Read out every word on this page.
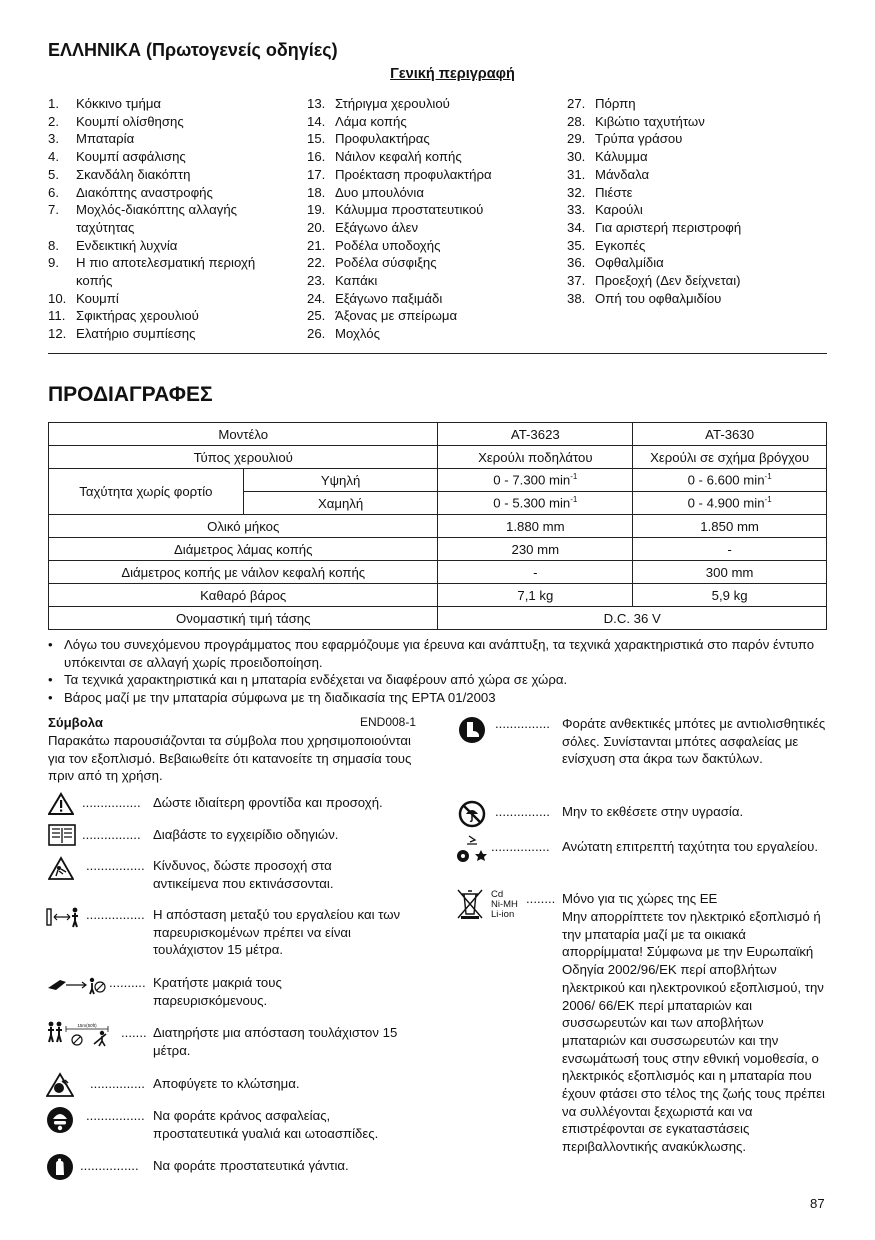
ΕΛΛΗΝΙΚΑ (Πρωτογενείς οδηγίες)
Γενική περιγραφή
1.	Κόκκινο τμήμα
2.	Κουμπί ολίσθησης
3.	Μπαταρία
4.	Κουμπί ασφάλισης
5.	Σκανδάλη διακόπτη
6.	Διακόπτης αναστροφής
7.	Μοχλός-διακόπτης αλλαγής ταχύτητας
8.	Ενδεικτική λυχνία
9.	Η πιο αποτελεσματική περιοχή κοπής
10. Κουμπί
11. Σφικτήρας χερουλιού
12. Ελατήριο συμπίεσης
13. Στήριγμα χερουλιού
14. Λάμα κοπής
15. Προφυλακτήρας
16. Νάιλον κεφαλή κοπής
17. Προέκταση προφυλακτήρα
18. Δυο μπουλόνια
19. Κάλυμμα προστατευτικού
20. Εξάγωνο άλεν
21. Ροδέλα υποδοχής
22. Ροδέλα σύσφιξης
23. Καπάκι
24. Εξάγωνο παξιμάδι
25. Άξονας με σπείρωμα
26. Μοχλός
27. Πόρπη
28. Κιβώτιο ταχυτήτων
29. Τρύπα γράσου
30. Κάλυμμα
31. Μάνδαλα
32. Πιέστε
33. Καρούλι
34. Για αριστερή περιστροφή
35. Εγκοπές
36. Οφθαλμίδια
37. Προεξοχή (Δεν δείχνεται)
38. Οπή του οφθαλμιδίου
ΠΡΟΔΙΑΓΡΑΦΕΣ
Μοντέλο		AT-3623	AT-3630
Τύπος χερουλιού		Χερούλι ποδηλάτου	Χερούλι σε σχήμα βρόγχου
Ταχύτητα χωρίς φορτίο	Υψηλή	0 - 7.300 $\min^{-1}$	0 - 6.600 $\min^{-1}$
	Χαμηλή	0 - 5.300 $\min^{-1}$	0 - 4.900 $\min^{-1}$
Ολικό μήκος		1.880 mm	1.850 mm
Διάμετρος λάμας κοπής		230 mm	-
Διάμετρος κοπής με νάιλον κεφαλή κοπής		-	300 mm
Καθαρό βάρος		7,1 kg	5,9 kg
Ονομαστική τιμή τάσης		D.C. 36 V	
• Λόγω του συνεχόμενου προγράμματος που εφαρμόζουμε για έρευνα και ανάπτυξη, τα τεχνικά χαρακτηριστικά στο παρόν έντυπο υπόκεινται σε αλλαγή χωρίς προειδοποίηση.
• Τα τεχνικά χαρακτηριστικά και η μπαταρία ενδέχεται να διαφέρουν από χώρα σε χώρα.
• Βάρος μαζί με την μπαταρία σύμφωνα με τη διαδικασία της EPTA 01/2003
Σύμβολα	END008-1
Παρακάτω παρουσιάζονται τα σύμβολα που χρησιμοποιούνται για τον εξοπλισμό. Βεβαιωθείτε ότι κατανοείτε τη σημασία τους πριν από τη χρήση.
................ Δώστε ιδιαίτερη φροντίδα και προσοχή.
................ Διαβάστε το εγχειρίδιο οδηγιών.
................ Κίνδυνος, δώστε προσοχή στα αντικείμενα που εκτινάσσονται.
................ Η απόσταση μεταξύ του εργαλείου και των παρευρισκομένων πρέπει να είναι τουλάχιστον 15 μέτρα.
.......... Κρατήστε μακριά τους παρευρισκόμενους.
15m(50ft) ....... Διατηρήστε μια απόσταση τουλάχιστον 15 μέτρα.
............... Αποφύγετε το κλώτσημα.
................ Να φοράτε κράνος ασφαλείας, προστατευτικά γυαλιά και ωτοασπίδες.
................ Να φοράτε προστατευτικά γάντια.
............... Φοράτε ανθεκτικές μπότες με αντιολισθητικές σόλες. Συνίστανται μπότες ασφαλείας με ενίσχυση στα άκρα των δακτύλων.
............... Μην το εκθέσετε στην υγρασία.
................ Ανώτατη επιτρεπτή ταχύτητα του εργαλείου.
Cd
Ni-MH
Li-ion
........ Μόνο για τις χώρες της ΕΕ
Μην απορρίπτετε τον ηλεκτρικό εξοπλισμό ή την μπαταρία μαζί με τα οικιακά απορρίμματα! Σύμφωνα με την Ευρωπαϊκή Οδηγία 2002/96/ΕΚ περί αποβλήτων ηλεκτρικού και ηλεκτρονικού εξοπλισμού, την 2006/ 66/ΕΚ περί μπαταριών και συσσωρευτών και των αποβλήτων μπαταριών και συσσωρευτών και την ενσωμάτωσή τους στην εθνική νομοθεσία, ο ηλεκτρικός εξοπλισμός και η μπαταρία που έχουν φτάσει στο τέλος της ζωής τους πρέπει να συλλέγονται ξεχωριστά και να επιστρέφονται σε εγκαταστάσεις περιβαλλοντικής ανακύκλωσης.
87
